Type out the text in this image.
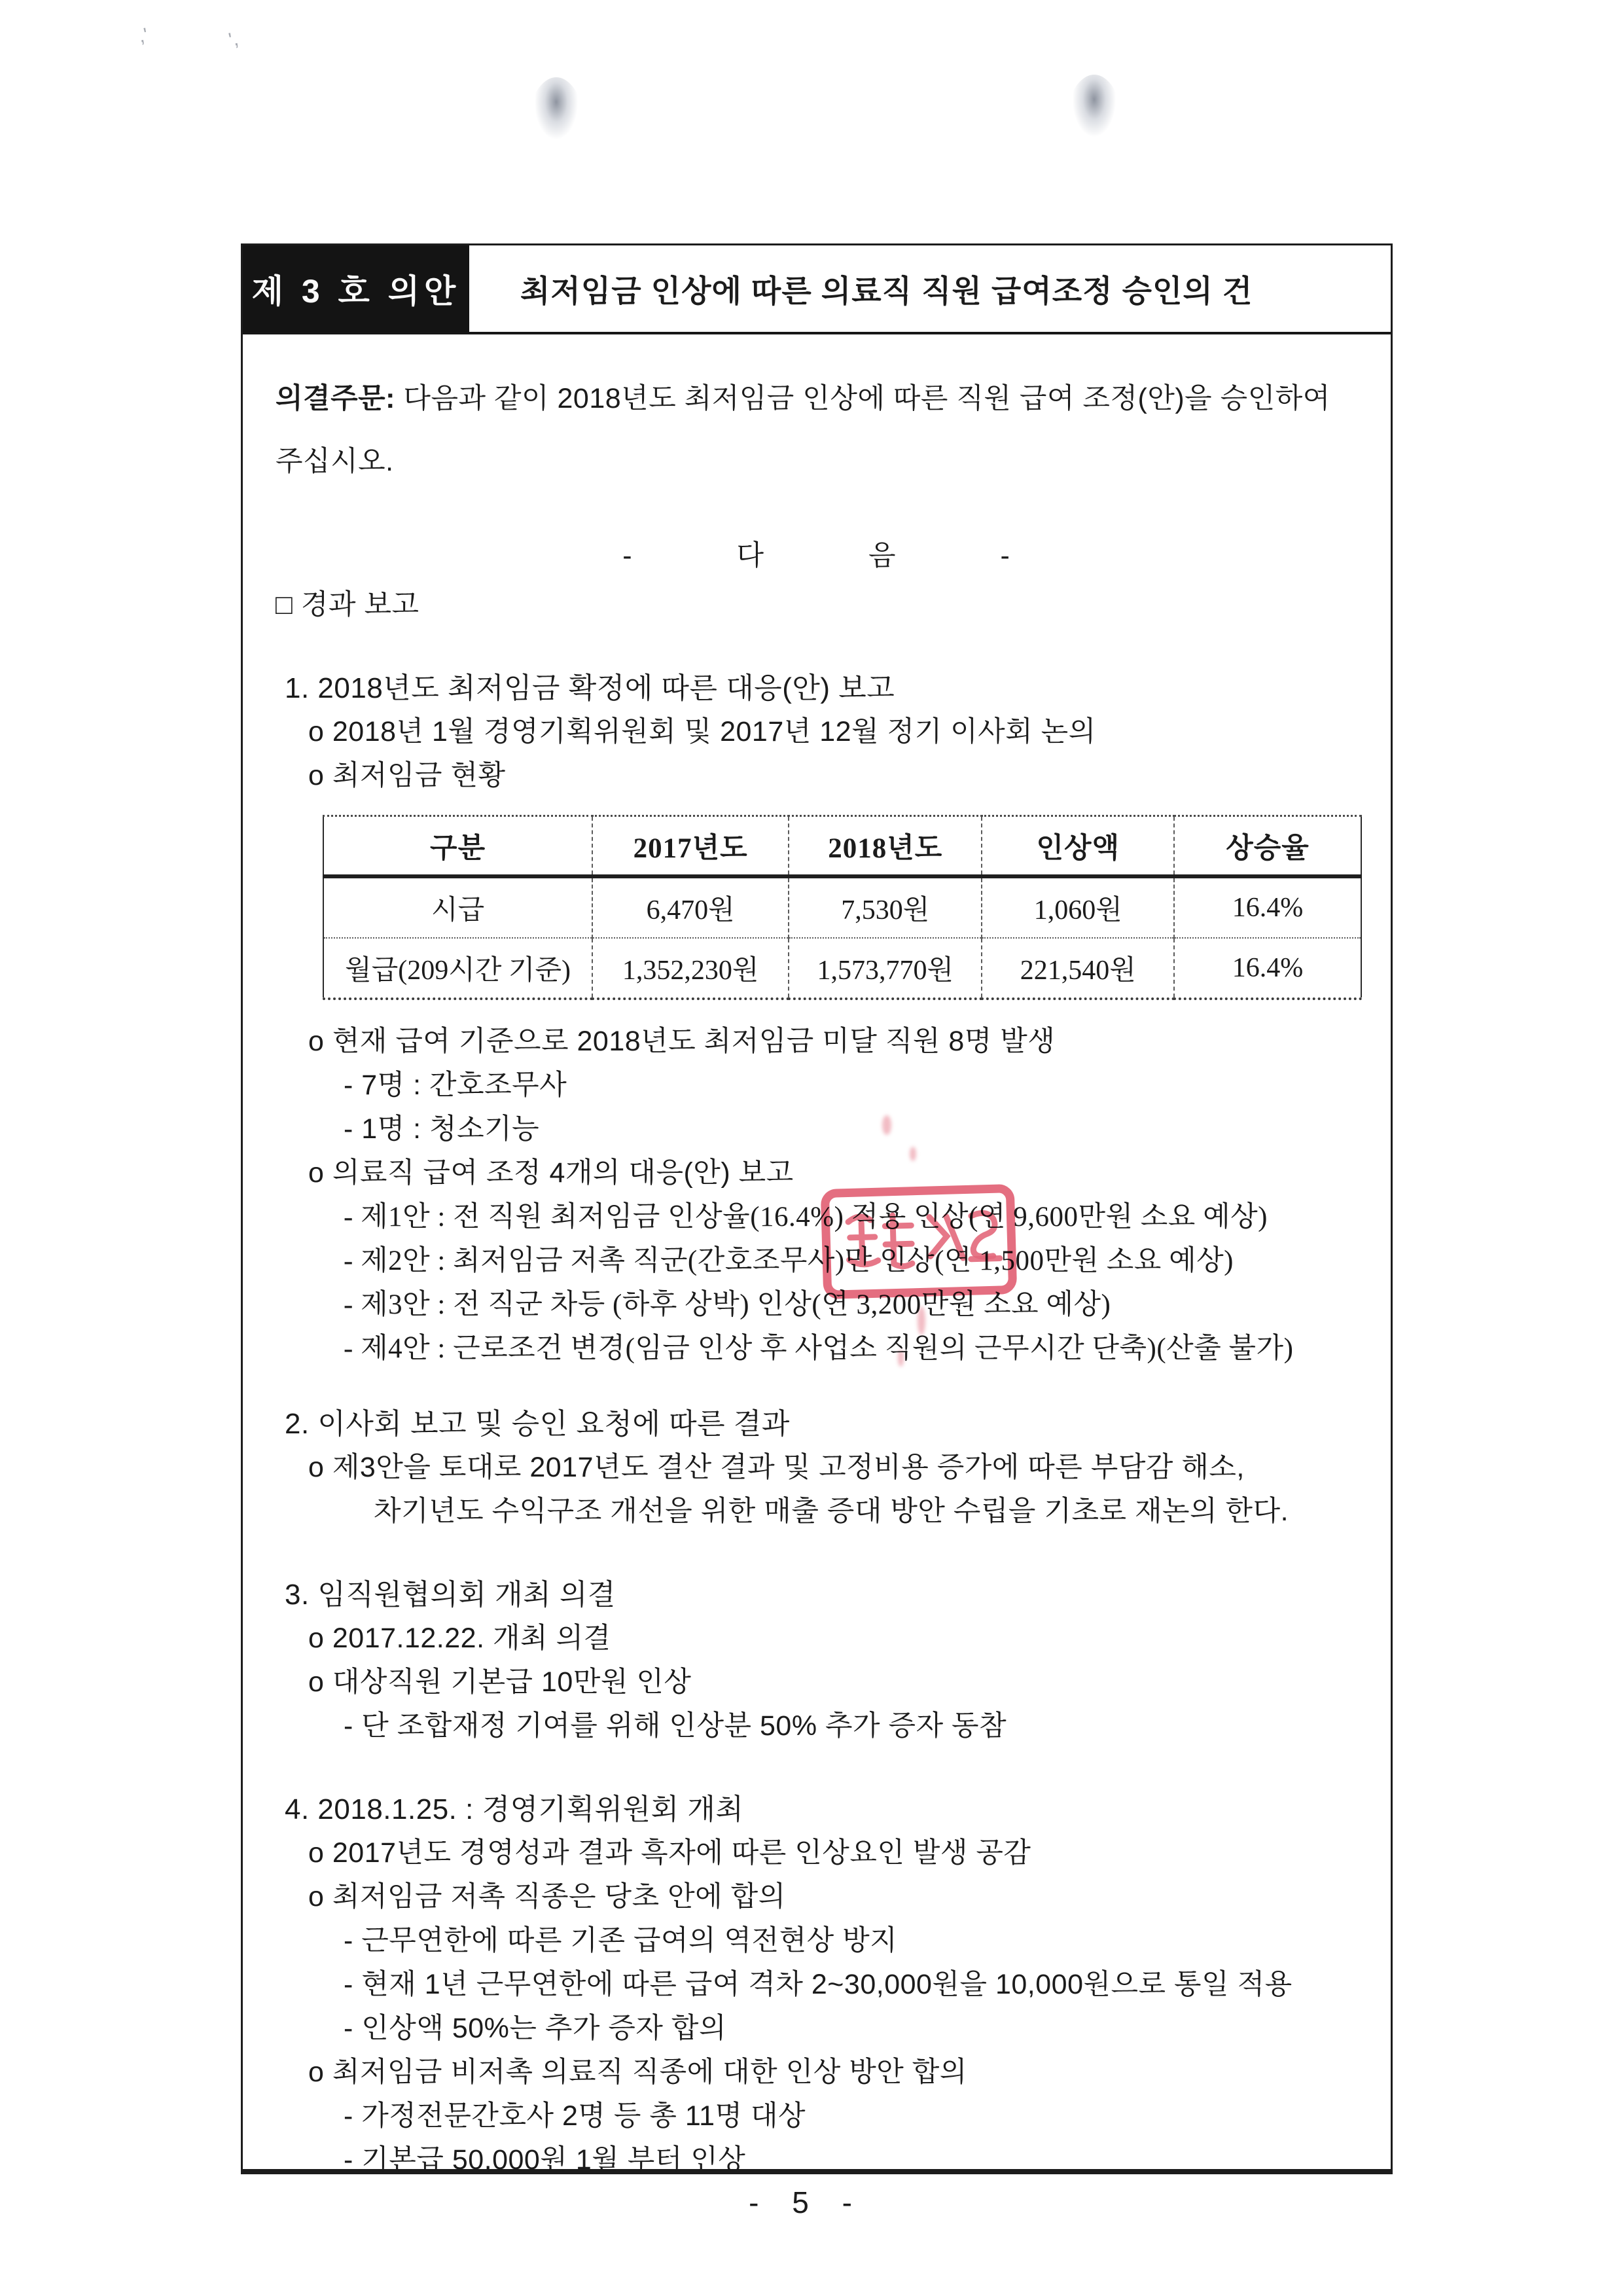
,'	',
제 3 호 의안	최저임금 인상에 따른 의료직 직원 급여조정 승인의 건

의결주문: 다음과 같이 2018년도 최저임금 인상에 따른 직원 급여 조정(안)을 승인하여 주십시오.

- 다 음 -
□ 경과 보고
1. 2018년도 최저임금 확정에 따른 대응(안) 보고
o 2018년 1월 경영기획위원회 및 2017년 12월 정기 이사회 논의
o 최저임금 현황
구분	2017년도	2018년도	인상액	상승율
시급	6,470원	7,530원	1,060원	16.4%
월급(209시간 기준)	1,352,230원	1,573,770원	221,540원	16.4%
o 현재 급여 기준으로 2018년도 최저임금 미달 직원 8명 발생
- 7명 : 간호조무사
- 1명 : 청소기능
o 의료직 급여 조정 4개의 대응(안) 보고
- 제1안 : 전 직원 최저임금 인상율(16.4%) 적용 인상(연 9,600만원 소요 예상)
- 제2안 : 최저임금 저촉 직군(간호조무사)만 인상(연 1,500만원 소요 예상)
- 제3안 : 전 직군 차등 (하후 상박) 인상(연 3,200만원 소요 예상)
- 제4안 : 근로조건 변경(임금 인상 후 사업소 직원의 근무시간 단축)(산출 불가)
2. 이사회 보고 및 승인 요청에 따른 결과
o 제3안을 토대로 2017년도 결산 결과 및 고정비용 증가에 따른 부담감 해소,
차기년도 수익구조 개선을 위한 매출 증대 방안 수립을 기초로 재논의 한다.
3. 임직원협의회 개최 의결
o 2017.12.22. 개최 의결
o 대상직원 기본급 10만원 인상
- 단 조합재정 기여를 위해 인상분 50% 추가 증자 동참
4. 2018.1.25. : 경영기획위원회 개최
o 2017년도 경영성과 결과 흑자에 따른 인상요인 발생 공감
o 최저임금 저촉 직종은 당초 안에 합의
- 근무연한에 따른 기존 급여의 역전현상 방지
- 현재 1년 근무연한에 따른 급여 격차 2~30,000원을 10,000원으로 통일 적용
- 인상액 50%는 추가 증자 합의
o 최저임금 비저촉 의료직 직종에 대한 인상 방안 합의
- 가정전문간호사 2명 등 총 11명 대상
- 기본급 50,000원 1월 부터 인상
- 5 -
